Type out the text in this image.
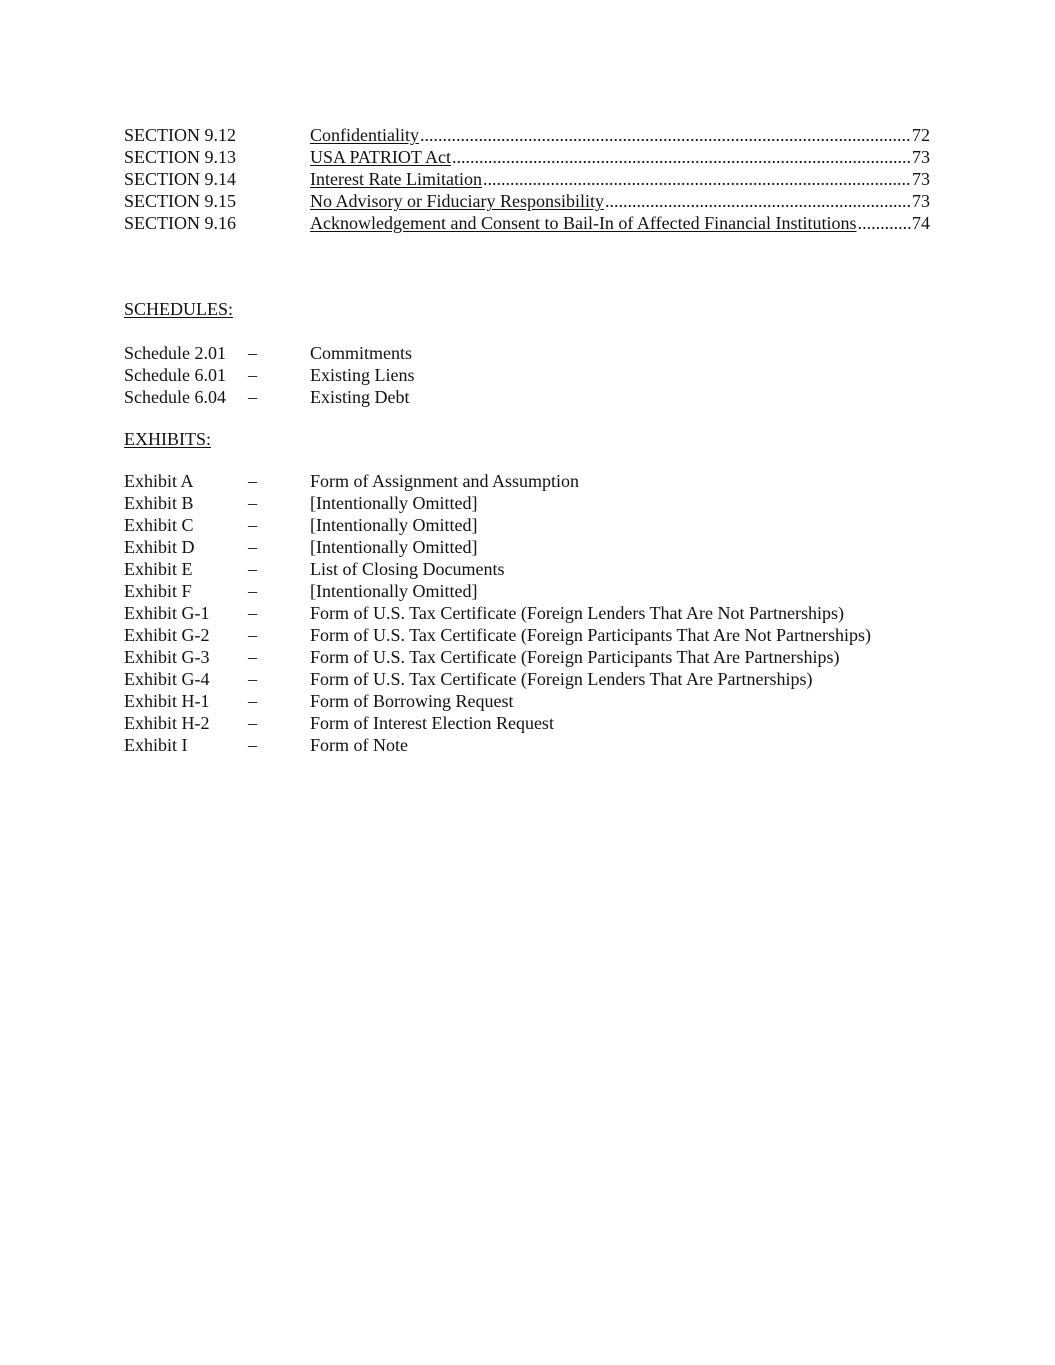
SECTION 9.12	Confidentiality .....	72
SECTION 9.13	USA PATRIOT Act .....	73
SECTION 9.14	Interest Rate Limitation .....	73
SECTION 9.15	No Advisory or Fiduciary Responsibility .....	73
SECTION 9.16	Acknowledgement and Consent to Bail-In of Affected Financial Institutions .....	74
SCHEDULES:
Schedule 2.01 –	Commitments
Schedule 6.01 –	Existing Liens
Schedule 6.04 –	Existing Debt
EXHIBITS:
Exhibit A	–	Form of Assignment and Assumption
Exhibit B	–	[Intentionally Omitted]
Exhibit C	–	[Intentionally Omitted]
Exhibit D	–	[Intentionally Omitted]
Exhibit E	–	List of Closing Documents
Exhibit F	–	[Intentionally Omitted]
Exhibit G-1 –	Form of U.S. Tax Certificate (Foreign Lenders That Are Not Partnerships)
Exhibit G-2 –	Form of U.S. Tax Certificate (Foreign Participants That Are Not Partnerships)
Exhibit G-3 –	Form of U.S. Tax Certificate (Foreign Participants That Are Partnerships)
Exhibit G-4 –	Form of U.S. Tax Certificate (Foreign Lenders That Are Partnerships)
Exhibit H-1 –	Form of Borrowing Request
Exhibit H-2 –	Form of Interest Election Request
Exhibit I	–	Form of Note
